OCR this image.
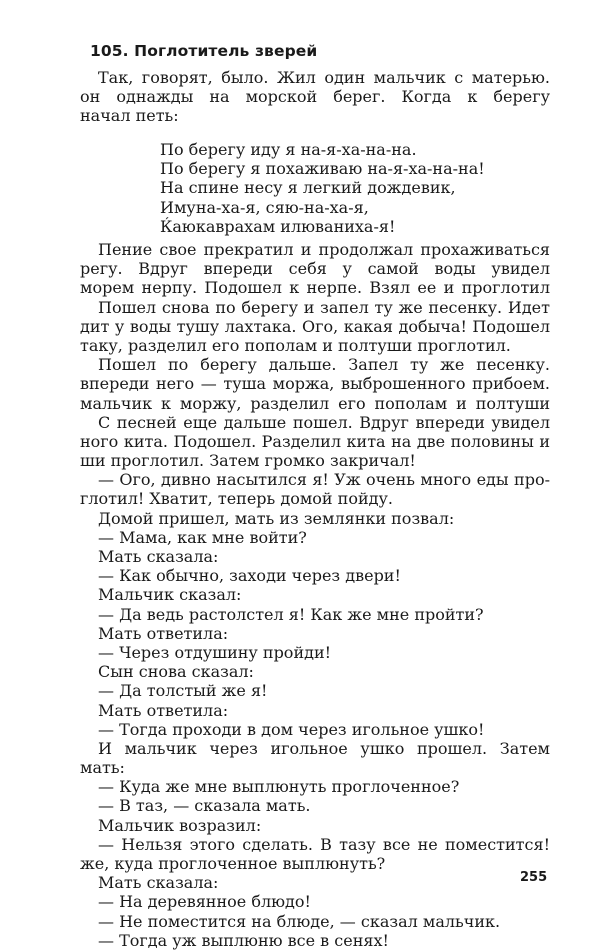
105. Поглотитель зверей
Так, говорят, было. Жил один мальчик с матерью.
он однажды на морской берег. Когда к берегу
начал петь:
По берегу иду я на-я-ха-на-на.
По берегу я похаживаю на-я-ха-на-на!
На спине несу я легкий дождевик,
Имуна-ха-я, сяю-на-ха-я,
Ќаюкаврахам илюваниха-я!
Пение свое прекратил и продолжал прохаживаться
регу. Вдруг впереди себя у самой воды увидел
морем нерпу. Подошел к нерпе. Взял ее и проглотил
Пошел снова по берегу и запел ту же песенку. Идет
дит у воды тушу лахтака. Ого, какая добыча! Подошел
таку, разделил его пополам и полтуши проглотил.
Пошел по берегу дальше. Запел ту же песенку.
впереди него — туша моржа, выброшенного прибоем.
мальчик к моржу, разделил его пополам и полтуши
С песней еще дальше пошел. Вдруг впереди увидел
ного кита. Подошел. Разделил кита на две половины и
ши проглотил. Затем громко закричал!
— Ого, дивно насытился я! Уж очень много еды про-
глотил! Хватит, теперь домой пойду.
Домой пришел, мать из землянки позвал:
— Мама, как мне войти?
Мать сказала:
— Как обычно, заходи через двери!
Мальчик сказал:
— Да ведь растолстел я! Как же мне пройти?
Мать ответила:
— Через отдушину пройди!
Сын снова сказал:
— Да толстый же я!
Мать ответила:
— Тогда проходи в дом через игольное ушко!
И мальчик через игольное ушко прошел. Затем
мать:
— Куда же мне выплюнуть проглоченное?
— В таз, — сказала мать.
Мальчик возразил:
— Нельзя этого сделать. В тазу все не поместится!
же, куда проглоченное выплюнуть?
Мать сказала:
— На деревянное блюдо!
— Не поместится на блюде, — сказал мальчик.
— Тогда уж выплюню все в сенях!
255
